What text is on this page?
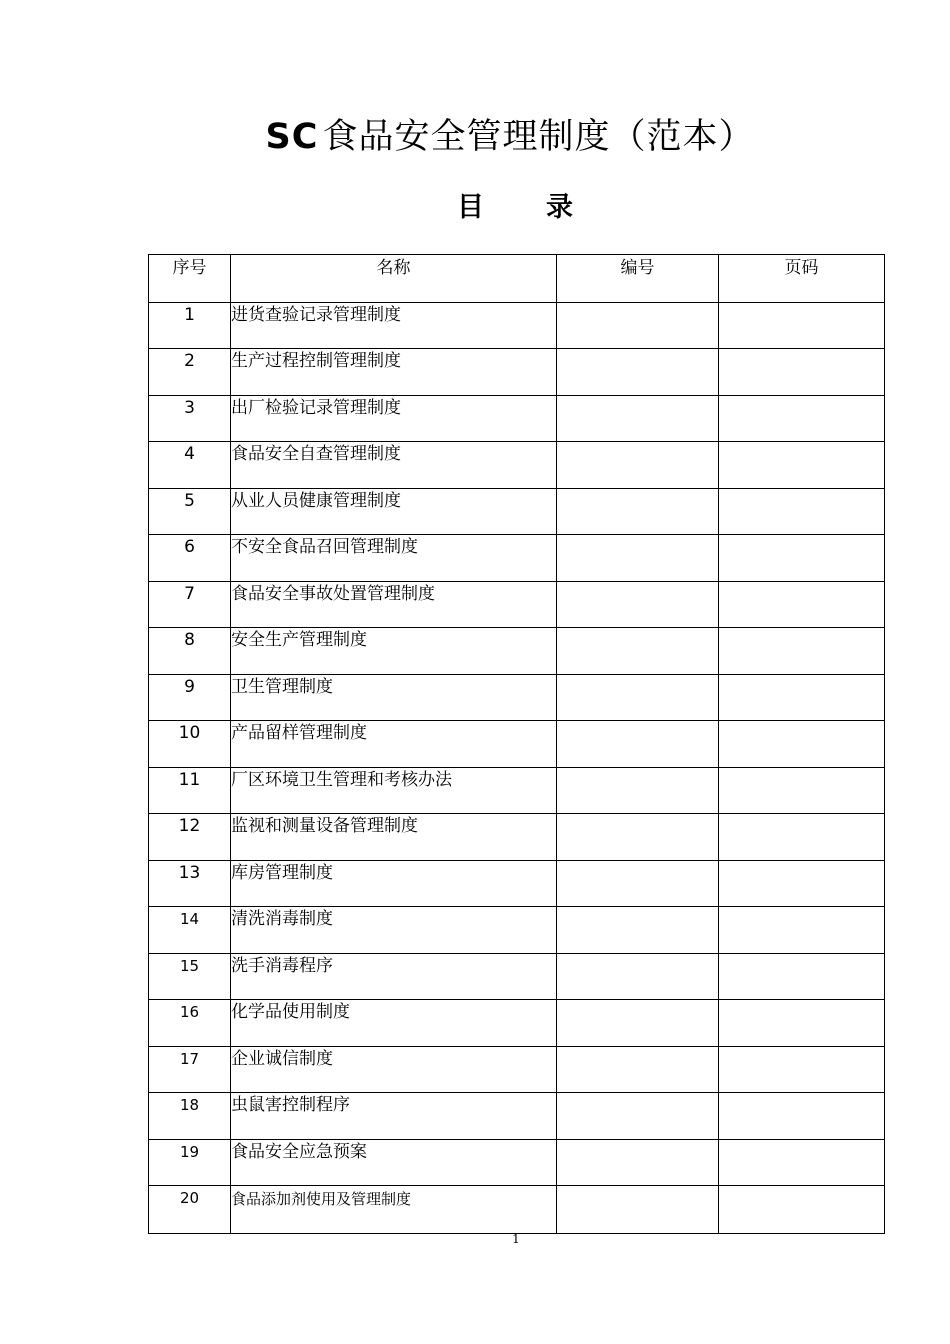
SC 食品安全管理制度（范本）
目 录
序号	名称	编号	页码
1	进货查验记录管理制度		
2	生产过程控制管理制度		
3	出厂检验记录管理制度		
4	食品安全自查管理制度		
5	从业人员健康管理制度		
6	不安全食品召回管理制度		
7	食品安全事故处置管理制度		
8	安全生产管理制度		
9	卫生管理制度		
10	产品留样管理制度		
11	厂区环境卫生管理和考核办法		
12	监视和测量设备管理制度		
13	库房管理制度		
14	清洗消毒制度		
15	洗手消毒程序		
16	化学品使用制度		
17	企业诚信制度		
18	虫鼠害控制程序		
19	食品安全应急预案		
20	食品添加剂使用及管理制度		
1
